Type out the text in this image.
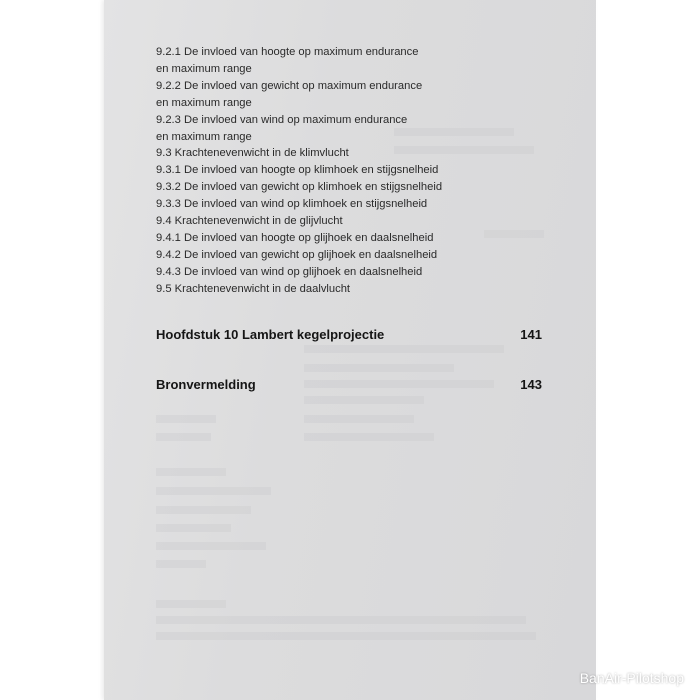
9.2.1 De invloed van hoogte op maximum endurance
en maximum range
9.2.2 De invloed van gewicht op maximum endurance
en maximum range
9.2.3 De invloed van wind op maximum endurance
en maximum range
9.3 Krachtenevenwicht in de klimvlucht
9.3.1 De invloed van hoogte op klimhoek en stijgsnelheid
9.3.2 De invloed van gewicht op klimhoek en stijgsnelheid
9.3.3 De invloed van wind op klimhoek en stijgsnelheid
9.4 Krachtenevenwicht in de glijvlucht
9.4.1 De invloed van hoogte op glijhoek en daalsnelheid
9.4.2 De invloed van gewicht op glijhoek en daalsnelheid
9.4.3 De invloed van wind op glijhoek en daalsnelheid
9.5 Krachtenevenwicht in de daalvlucht
Hoofdstuk 10 Lambert kegelprojectie	141
Bronvermelding	143
BanAir-Pilotshop
